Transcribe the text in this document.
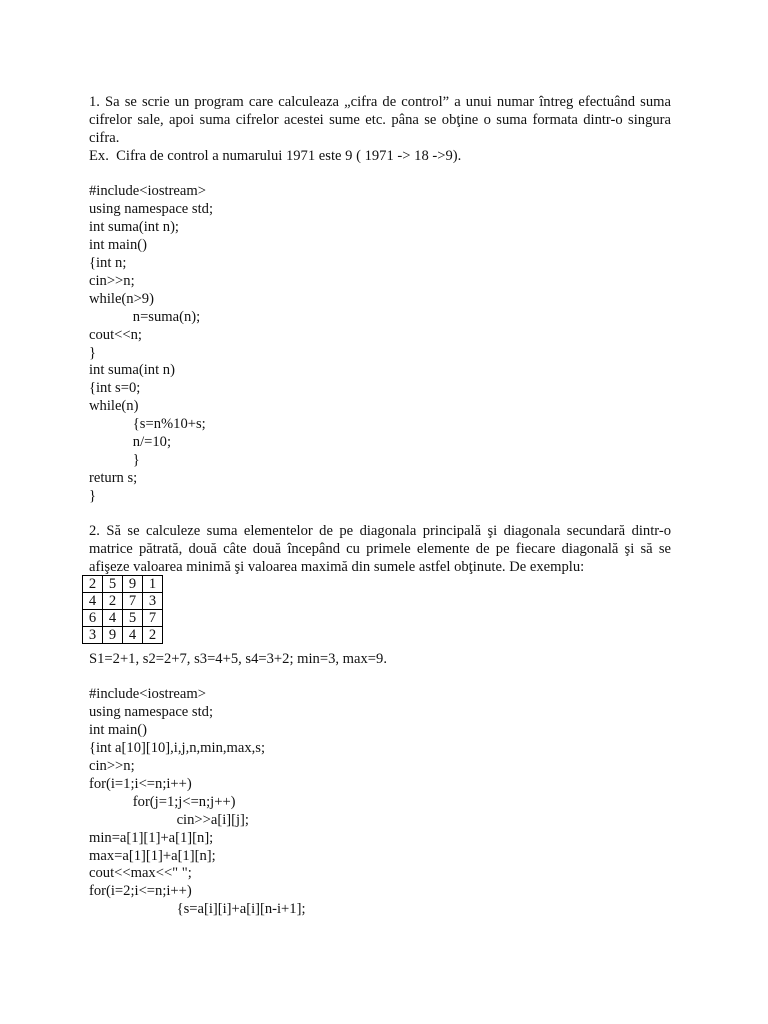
1. Sa se scrie un program care calculeaza „cifra de control” a unui numar întreg efectuând suma
cifrelor sale, apoi suma cifrelor acestei sume etc. pâna se obţine o suma formata dintr-o singura
cifra.
Ex.  Cifra de control a numarului 1971 este 9 ( 1971 -> 18 ->9).
#include<iostream>
using namespace std;
int suma(int n);
int main()
{int n;
cin>>n;
while(n>9)
n=suma(n);
cout<<n;
}
int suma(int n)
{int s=0;
while(n)
{s=n%10+s;
n/=10;
}
return s;
}
2. Să se calculeze suma elementelor de pe diagonala principală şi diagonala secundară dintr-o
matrice pătrată, două câte două începând cu primele elemente de pe fiecare diagonală şi să se
afişeze valoarea minimă şi valoarea maximă din sumele astfel obţinute. De exemplu:
2	5	9	1
4	2	7	3
6	4	5	7
3	9	4	2
S1=2+1, s2=2+7, s3=4+5, s4=3+2; min=3, max=9.
#include<iostream>
using namespace std;
int main()
{int a[10][10],i,j,n,min,max,s;
cin>>n;
for(i=1;i<=n;i++)
for(j=1;j<=n;j++)
cin>>a[i][j];
min=a[1][1]+a[1][n];
max=a[1][1]+a[1][n];
cout<<max<<" ";
for(i=2;i<=n;i++)
{s=a[i][i]+a[i][n-i+1];
